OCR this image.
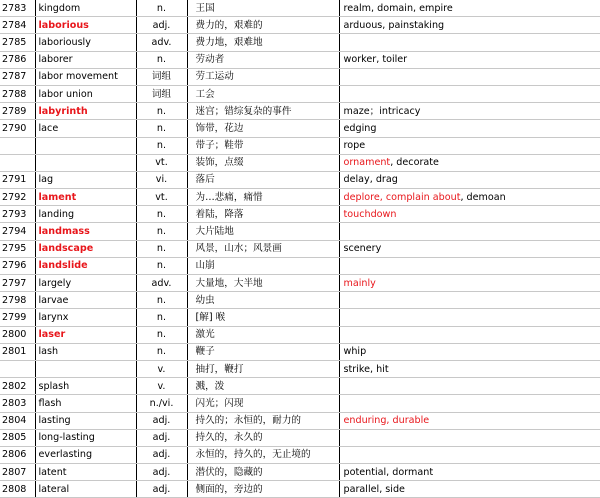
2783	kingdom	n.	王国	realm, domain, empire
2784	laborious	adj.	费力的，艰难的	arduous, painstaking
2785	laboriously	adv.	费力地，艰难地	
2786	laborer	n.	劳动者	worker, toiler
2787	labor movement	词组	劳工运动	
2788	labor union	词组	工会	
2789	labyrinth	n.	迷宫；错综复杂的事件	maze；intricacy
2790	lace	n.	饰带，花边	edging
		n.	带子；鞋带	rope
		vt.	装饰，点缀	ornament, decorate
2791	lag	vi.	落后	delay, drag
2792	lament	vt.	为…悲痛，痛惜	deplore, complain about, demoan
2793	landing	n.	着陆，降落	touchdown
2794	landmass	n.	大片陆地	
2795	landscape	n.	风景，山水；风景画	scenery
2796	landslide	n.	山崩	
2797	largely	adv.	大量地，大半地	mainly
2798	larvae	n.	幼虫	
2799	larynx	n.	[解] 喉	
2800	laser	n.	激光	
2801	lash	n.	鞭子	whip
		v.	抽打，鞭打	strike, hit
2802	splash	v.	溅，泼	
2803	flash	n./vi.	闪光；闪现	
2804	lasting	adj.	持久的；永恒的，耐力的	enduring, durable
2805	long-lasting	adj.	持久的，永久的	
2806	everlasting	adj.	永恒的，持久的，无止境的	
2807	latent	adj.	潜伏的，隐藏的	potential, dormant
2808	lateral	adj.	侧面的，旁边的	parallel, side
